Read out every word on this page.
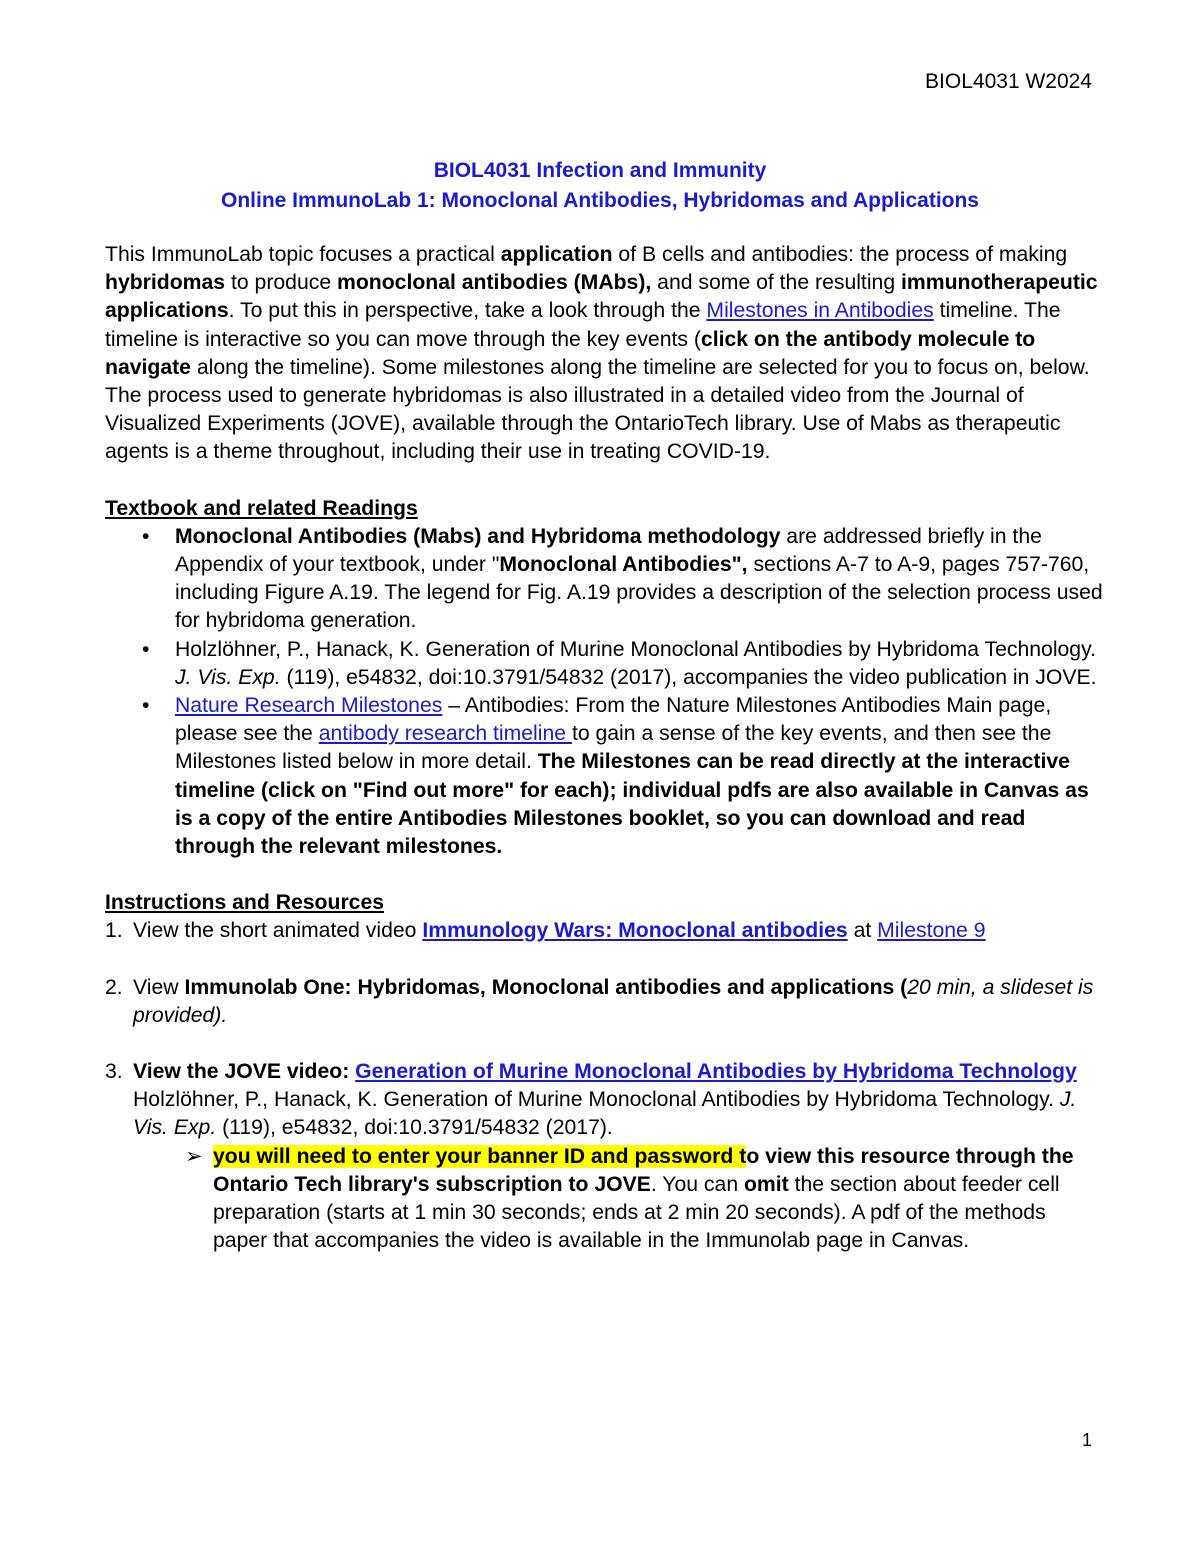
BIOL4031 W2024
BIOL4031 Infection and Immunity
Online ImmunoLab 1: Monoclonal Antibodies, Hybridomas and Applications

This ImmunoLab topic focuses a practical application of B cells and antibodies: the process of making hybridomas to produce monoclonal antibodies (MAbs), and some of the resulting immunotherapeutic applications. To put this in perspective, take a look through the Milestones in Antibodies timeline. The timeline is interactive so you can move through the key events (click on the antibody molecule to navigate along the timeline). Some milestones along the timeline are selected for you to focus on, below. The process used to generate hybridomas is also illustrated in a detailed video from the Journal of Visualized Experiments (JOVE), available through the OntarioTech library. Use of Mabs as therapeutic agents is a theme throughout, including their use in treating COVID-19.

Textbook and related Readings

• Monoclonal Antibodies (Mabs) and Hybridoma methodology are addressed briefly in the Appendix of your textbook, under "Monoclonal Antibodies", sections A-7 to A-9, pages 757-760, including Figure A.19. The legend for Fig. A.19 provides a description of the selection process used for hybridoma generation.
• Holzlöhner, P., Hanack, K. Generation of Murine Monoclonal Antibodies by Hybridoma Technology. J. Vis. Exp. (119), e54832, doi:10.3791/54832 (2017), accompanies the video publication in JOVE.
• Nature Research Milestones – Antibodies: From the Nature Milestones Antibodies Main page, please see the antibody research timeline to gain a sense of the key events, and then see the Milestones listed below in more detail. The Milestones can be read directly at the interactive timeline (click on "Find out more" for each); individual pdfs are also available in Canvas as is a copy of the entire Antibodies Milestones booklet, so you can download and read through the relevant milestones.

Instructions and Resources

1. View the short animated video Immunology Wars: Monoclonal antibodies at Milestone 9
2. View Immunolab One: Hybridomas, Monoclonal antibodies and applications (20 min, a slideset is provided).
3. View the JOVE video: Generation of Murine Monoclonal Antibodies by Hybridoma Technology Holzlöhner, P., Hanack, K. Generation of Murine Monoclonal Antibodies by Hybridoma Technology. J. Vis. Exp. (119), e54832, doi:10.3791/54832 (2017).
➢ you will need to enter your banner ID and password to view this resource through the Ontario Tech library's subscription to JOVE. You can omit the section about feeder cell preparation (starts at 1 min 30 seconds; ends at 2 min 20 seconds). A pdf of the methods paper that accompanies the video is available in the Immunolab page in Canvas.
1
